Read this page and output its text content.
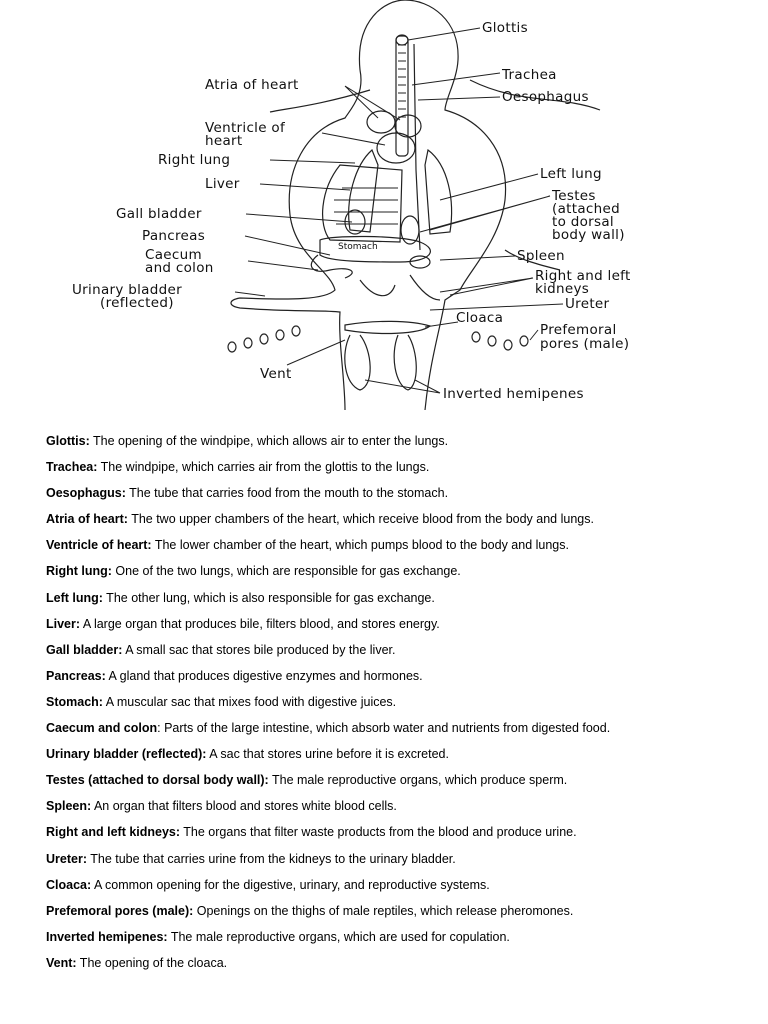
Glottis
Trachea
Oesophagus
Atria of heart
Ventricle of
heart
Right lung
Liver
Gall bladder
Pancreas
Caecum
and colon
Urinary bladder
(reflected)
Left lung
Testes
(attached
to dorsal
body wall)
Stomach
Spleen
Right and left
kidneys
Ureter
Cloaca
Prefemoral
pores (male)
Vent
Inverted hemipenes
Glottis: The opening of the windpipe, which allows air to enter the lungs.
Trachea: The windpipe, which carries air from the glottis to the lungs.
Oesophagus: The tube that carries food from the mouth to the stomach.
Atria of heart: The two upper chambers of the heart, which receive blood from the body and lungs.
Ventricle of heart: The lower chamber of the heart, which pumps blood to the body and lungs.
Right lung: One of the two lungs, which are responsible for gas exchange.
Left lung: The other lung, which is also responsible for gas exchange.
Liver: A large organ that produces bile, filters blood, and stores energy.
Gall bladder: A small sac that stores bile produced by the liver.
Pancreas: A gland that produces digestive enzymes and hormones.
Stomach: A muscular sac that mixes food with digestive juices.
Caecum and colon: Parts of the large intestine, which absorb water and nutrients from digested food.
Urinary bladder (reflected): A sac that stores urine before it is excreted.
Testes (attached to dorsal body wall): The male reproductive organs, which produce sperm.
Spleen: An organ that filters blood and stores white blood cells.
Right and left kidneys: The organs that filter waste products from the blood and produce urine.
Ureter: The tube that carries urine from the kidneys to the urinary bladder.
Cloaca: A common opening for the digestive, urinary, and reproductive systems.
Prefemoral pores (male): Openings on the thighs of male reptiles, which release pheromones.
Inverted hemipenes: The male reproductive organs, which are used for copulation.
Vent: The opening of the cloaca.
